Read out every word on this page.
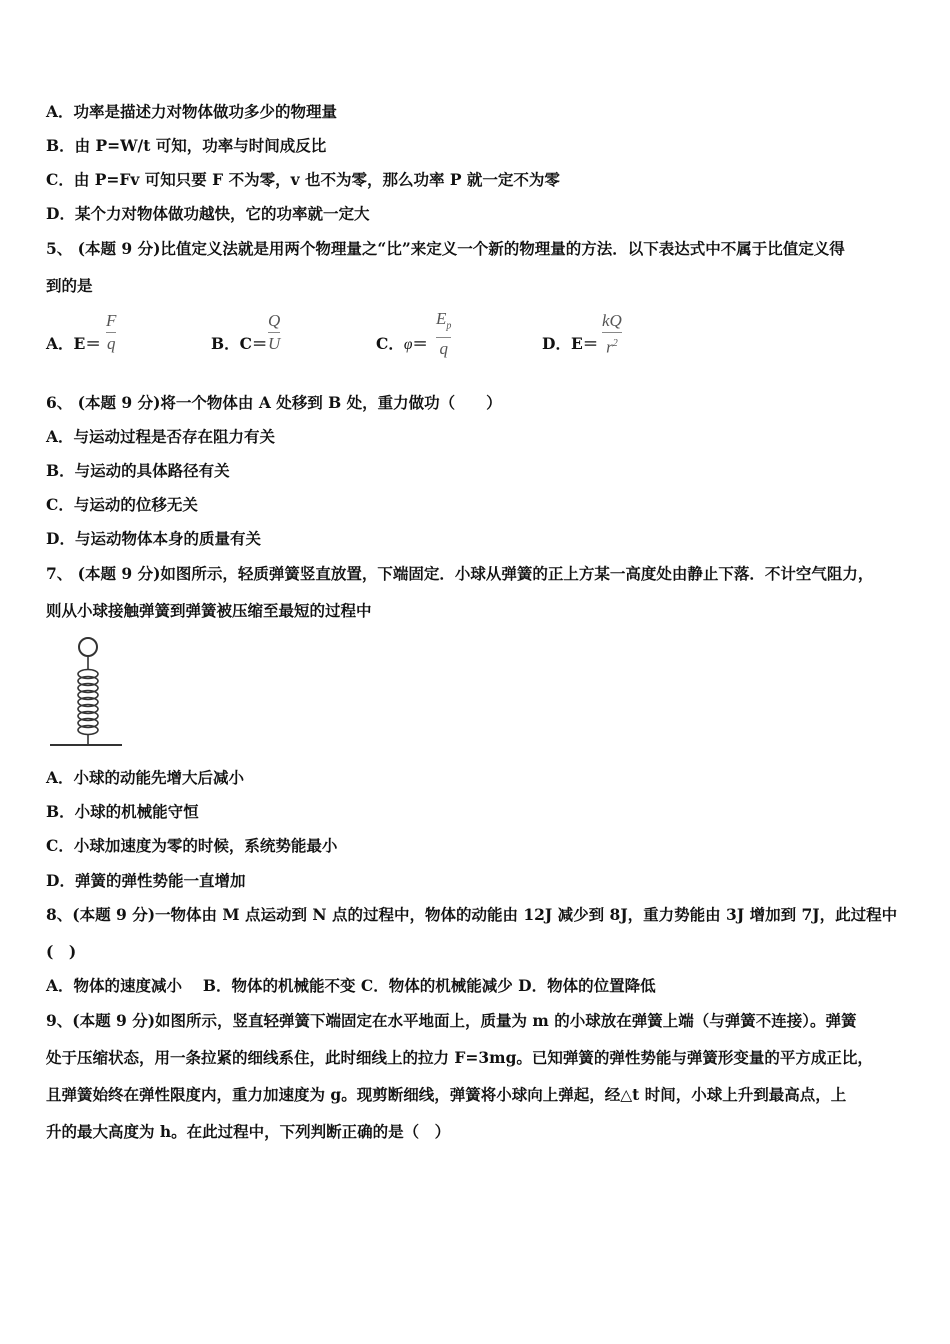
A．功率是描述力对物体做功多少的物理量
B．由 P=W/t 可知，功率与时间成反比
C．由 P=Fv 可知只要 F 不为零，v 也不为零，那么功率 P 就一定不为零
D．某个力对物体做功越快，它的功率就一定大
5、 (本题 9 分)比值定义法就是用两个物理量之“比”来定义一个新的物理量的方法．以下表达式中不属于比值定义得
到的是
A．E＝
F
q	B．C＝
Q
U	C．φ＝
$E_p$
q	D．E＝
kQ
$r^2$
6、 (本题 9 分)将一个物体由 A 处移到 B 处，重力做功（　　）
A．与运动过程是否存在阻力有关
B．与运动的具体路径有关
C．与运动的位移无关
D．与运动物体本身的质量有关
7、 (本题 9 分)如图所示，轻质弹簧竖直放置，下端固定．小球从弹簧的正上方某一高度处由静止下落．不计空气阻力，
则从小球接触弹簧到弹簧被压缩至最短的过程中
A．小球的动能先增大后减小
B．小球的机械能守恒
C．小球加速度为零的时候，系统势能最小
D．弹簧的弹性势能一直增加
8、(本题 9 分)一物体由 M 点运动到 N 点的过程中，物体的动能由 12J 减少到 8J，重力势能由 3J 增加到 7J，此过程中
(　)
A．物体的速度减小　 B．物体的机械能不变 C．物体的机械能减少 D．物体的位置降低
9、(本题 9 分)如图所示，竖直轻弹簧下端固定在水平地面上，质量为 m 的小球放在弹簧上端（与弹簧不连接）。弹簧
处于压缩状态，用一条拉紧的细线系住，此时细线上的拉力 F=3mg。已知弹簧的弹性势能与弹簧形变量的平方成正比，
且弹簧始终在弹性限度内，重力加速度为 g。现剪断细线，弹簧将小球向上弹起，经△t 时间，小球上升到最高点，上
升的最大高度为 h。在此过程中，下列判断正确的是（　）
